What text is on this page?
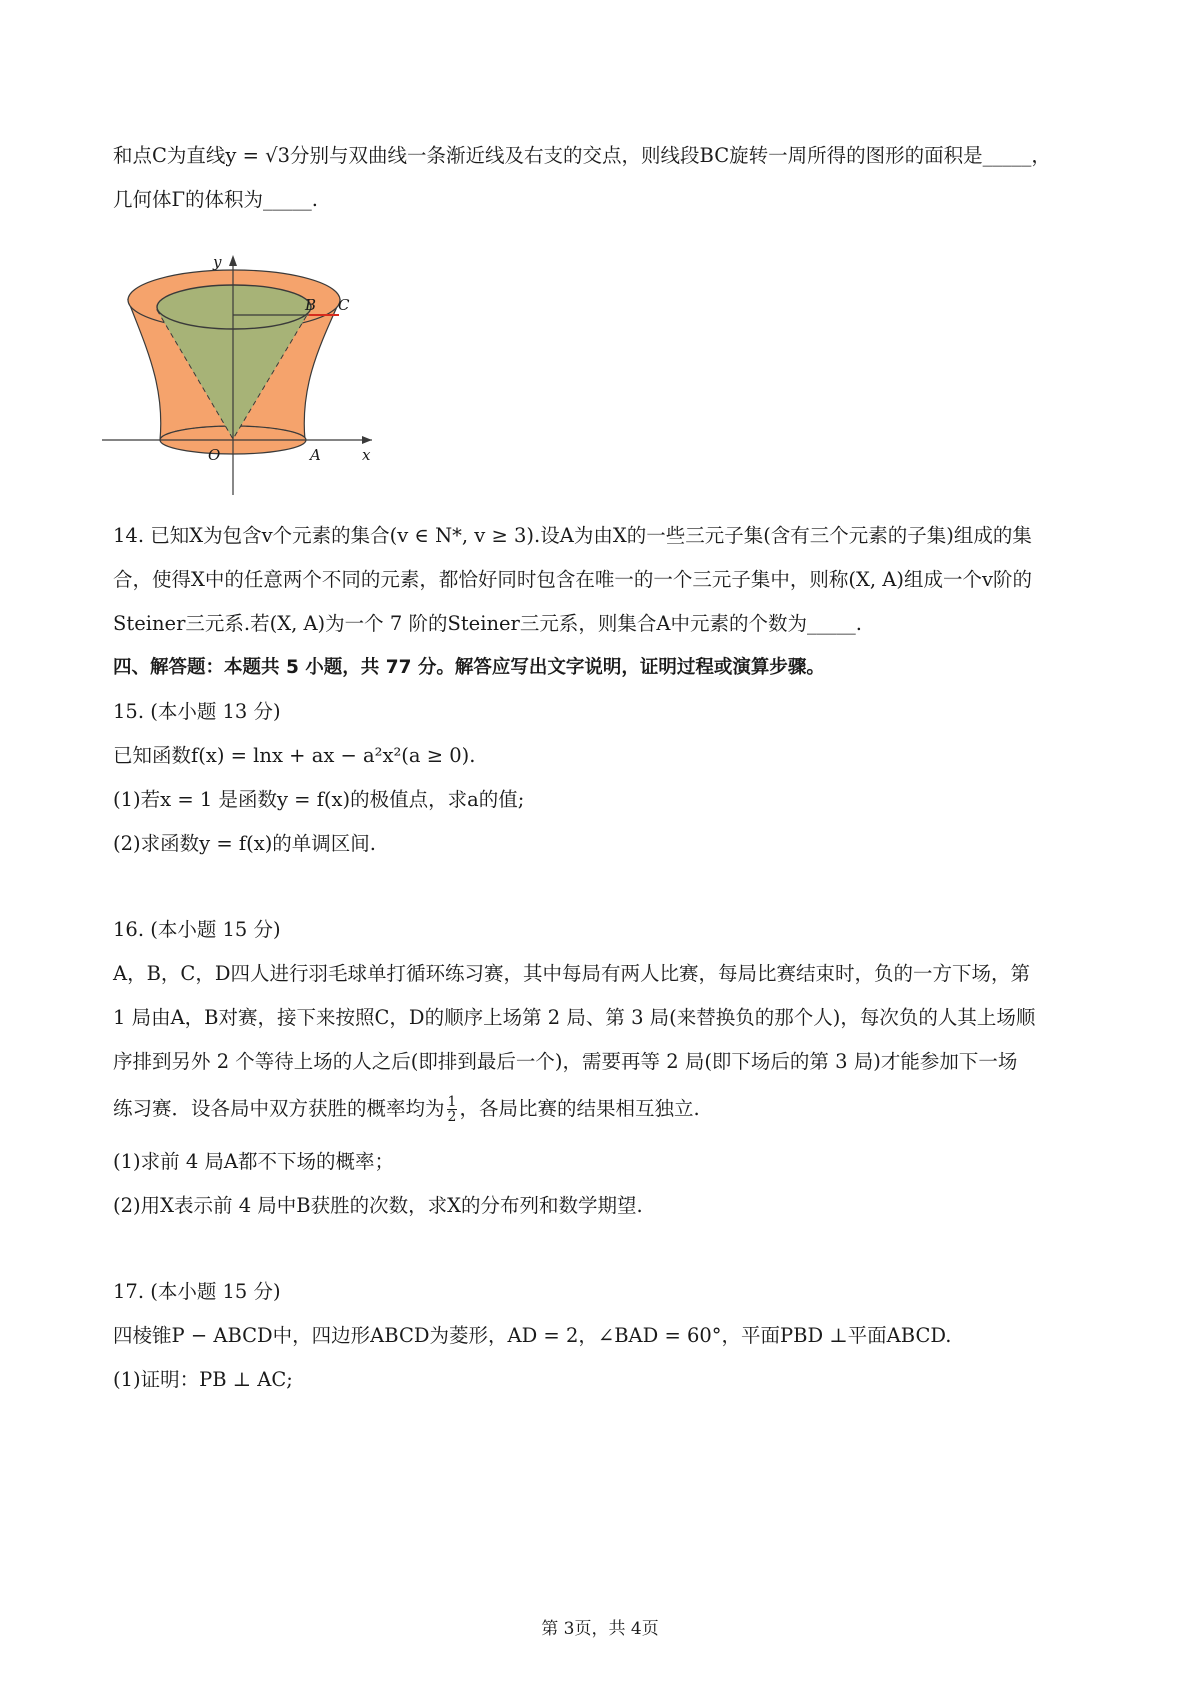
和点C为直线y = √3分别与双曲线一条渐近线及右支的交点，则线段BC旋转一周所得的图形的面积是_____，
几何体Γ的体积为_____.
y
x
O	A
B C
14. 已知X为包含v个元素的集合(v ∈ N*, v ≥ 3).设A为由X的一些三元子集(含有三个元素的子集)组成的集
合，使得X中的任意两个不同的元素，都恰好同时包含在唯一的一个三元子集中，则称(X, A)组成一个v阶的
Steiner三元系.若(X, A)为一个 7 阶的Steiner三元系，则集合A中元素的个数为_____.
四、解答题：本题共 5 小题，共 77 分。解答应写出文字说明，证明过程或演算步骤。
15. (本小题 13 分)
已知函数f(x) = lnx + ax − a²x²(a ≥ 0).
(1)若x = 1 是函数y = f(x)的极值点，求a的值;
(2)求函数y = f(x)的单调区间.
16. (本小题 15 分)
A，B，C，D四人进行羽毛球单打循环练习赛，其中每局有两人比赛，每局比赛结束时，负的一方下场，第
1 局由A，B对赛，接下来按照C，D的顺序上场第 2 局、第 3 局(来替换负的那个人)，每次负的人其上场顺
序排到另外 2 个等待上场的人之后(即排到最后一个)，需要再等 2 局(即下场后的第 3 局)才能参加下一场
练习赛．设各局中双方获胜的概率均为 $\frac{1}{2}$ ，各局比赛的结果相互独立.
(1)求前 4 局A都不下场的概率；
(2)用X表示前 4 局中B获胜的次数，求X的分布列和数学期望.
17. (本小题 15 分)
四棱锥P − ABCD中，四边形ABCD为菱形，AD = 2，∠BAD = 60°，平面PBD ⊥平面ABCD.
(1)证明：PB ⊥ AC;
第 3页，共 4页
